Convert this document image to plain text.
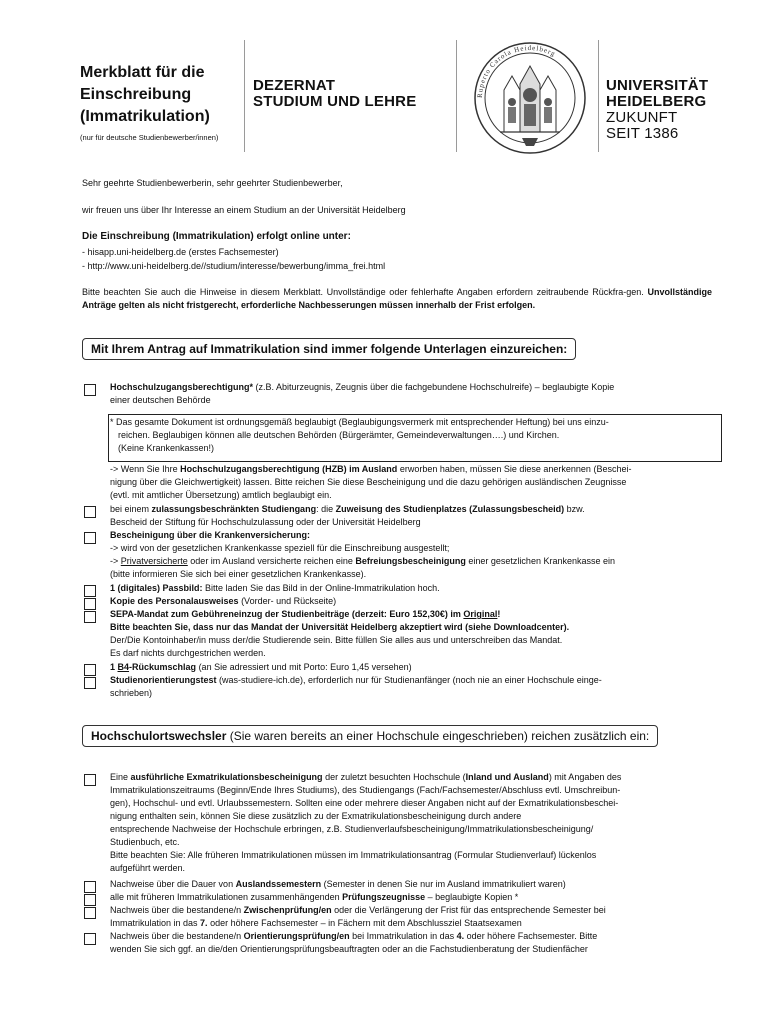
Merkblatt für die
Einschreibung
(Immatrikulation)
(nur für deutsche Studienbewerber/innen)
DEZERNAT
STUDIUM UND LEHRE	Ruperto Carola Heidelberg
UNIVERSITÄT
HEIDELBERG
ZUKUNFT
SEIT 1386
Sehr geehrte Studienbewerberin, sehr geehrter Studienbewerber,
wir freuen uns über Ihr Interesse an einem Studium an der Universität Heidelberg
Die Einschreibung (Immatrikulation) erfolgt online unter:
- hisapp.uni-heidelberg.de (erstes Fachsemester)
- http://www.uni-heidelberg.de//studium/interesse/bewerbung/imma_frei.html
Bitte beachten Sie auch die Hinweise in diesem Merkblatt. Unvollständige oder fehlerhafte Angaben erfordern zeitraubende Rückfra-gen. Unvollständige Anträge gelten als nicht fristgerecht, erforderliche Nachbesserungen müssen innerhalb der Frist erfolgen.
Mit Ihrem Antrag auf Immatrikulation sind immer folgende Unterlagen einzureichen:
Hochschulzugangsberechtigung* (z.B. Abiturzeugnis, Zeugnis über die fachgebundene Hochschulreife) – beglaubigte Kopie
einer deutschen Behörde
* Das gesamte Dokument ist ordnungsgemäß beglaubigt (Beglaubigungsvermerk mit entsprechender Heftung) bei uns einzu-
reichen. Beglaubigen können alle deutschen Behörden (Bürgerämter, Gemeindeverwaltungen….) und Kirchen.
(Keine Krankenkassen!)
-> Wenn Sie Ihre Hochschulzugangsberechtigung (HZB) im Ausland erworben haben, müssen Sie diese anerkennen (Beschei-
nigung über die Gleichwertigkeit) lassen. Bitte reichen Sie diese Bescheinigung und die dazu gehörigen ausländischen Zeugnisse
(evtl. mit amtlicher Übersetzung) amtlich beglaubigt ein.
bei einem zulassungsbeschränkten Studiengang: die Zuweisung des Studienplatzes (Zulassungsbescheid) bzw.
Bescheid der Stiftung für Hochschulzulassung oder der Universität Heidelberg
Bescheinigung über die Krankenversicherung:
-> wird von der gesetzlichen Krankenkasse speziell für die Einschreibung ausgestellt;
-> Privatversicherte oder im Ausland versicherte reichen eine Befreiungsbescheinigung einer gesetzlichen Krankenkasse ein
(bitte informieren Sie sich bei einer gesetzlichen Krankenkasse).
1 (digitales) Passbild: Bitte laden Sie das Bild in der Online-Immatrikulation hoch.
Kopie des Personalausweises (Vorder- und Rückseite)
SEPA-Mandat zum Gebühreneinzug der Studienbeiträge (derzeit: Euro 152,30€) im Original!
Bitte beachten Sie, dass nur das Mandat der Universität Heidelberg akzeptiert wird (siehe Downloadcenter).
Der/Die Kontoinhaber/in muss der/die Studierende sein. Bitte füllen Sie alles aus und unterschreiben das Mandat.
Es darf nichts durchgestrichen werden.
1 B4-Rückumschlag (an Sie adressiert und mit Porto: Euro 1,45 versehen)
Studienorientierungstest (was-studiere-ich.de), erforderlich nur für Studienanfänger (noch nie an einer Hochschule einge-
schrieben)
Hochschulortswechsler (Sie waren bereits an einer Hochschule eingeschrieben) reichen zusätzlich ein:
Eine ausführliche Exmatrikulationsbescheinigung der zuletzt besuchten Hochschule (Inland und Ausland) mit Angaben des
Immatrikulationszeitraums (Beginn/Ende Ihres Studiums), des Studiengangs (Fach/Fachsemester/Abschluss evtl. Umschreibun-
gen), Hochschul- und evtl. Urlaubssemestern. Sollten eine oder mehrere dieser Angaben nicht auf der Exmatrikulationsbeschei-
nigung enthalten sein, können Sie diese zusätzlich zu der Exmatrikulationsbescheinigung durch andere
entsprechende Nachweise der Hochschule erbringen, z.B. Studienverlaufsbescheinigung/Immatrikulationsbescheinigung/
Studienbuch, etc.
Bitte beachten Sie: Alle früheren Immatrikulationen müssen im Immatrikulationsantrag (Formular Studienverlauf) lückenlos
aufgeführt werden.
Nachweise über die Dauer von Auslandssemestern (Semester in denen Sie nur im Ausland immatrikuliert waren)
alle mit früheren Immatrikulationen zusammenhängenden Prüfungszeugnisse – beglaubigte Kopien *
Nachweis über die bestandene/n Zwischenprüfung/en oder die Verlängerung der Frist für das entsprechende Semester bei
Immatrikulation in das 7. oder höhere Fachsemester – in Fächern mit dem Abschlussziel Staatsexamen
Nachweis über die bestandene/n Orientierungsprüfung/en bei Immatrikulation in das 4. oder höhere Fachsemester. Bitte
wenden Sie sich ggf. an die/den Orientierungsprüfungsbeauftragten oder an die Fachstudienberatung der Studienfächer
